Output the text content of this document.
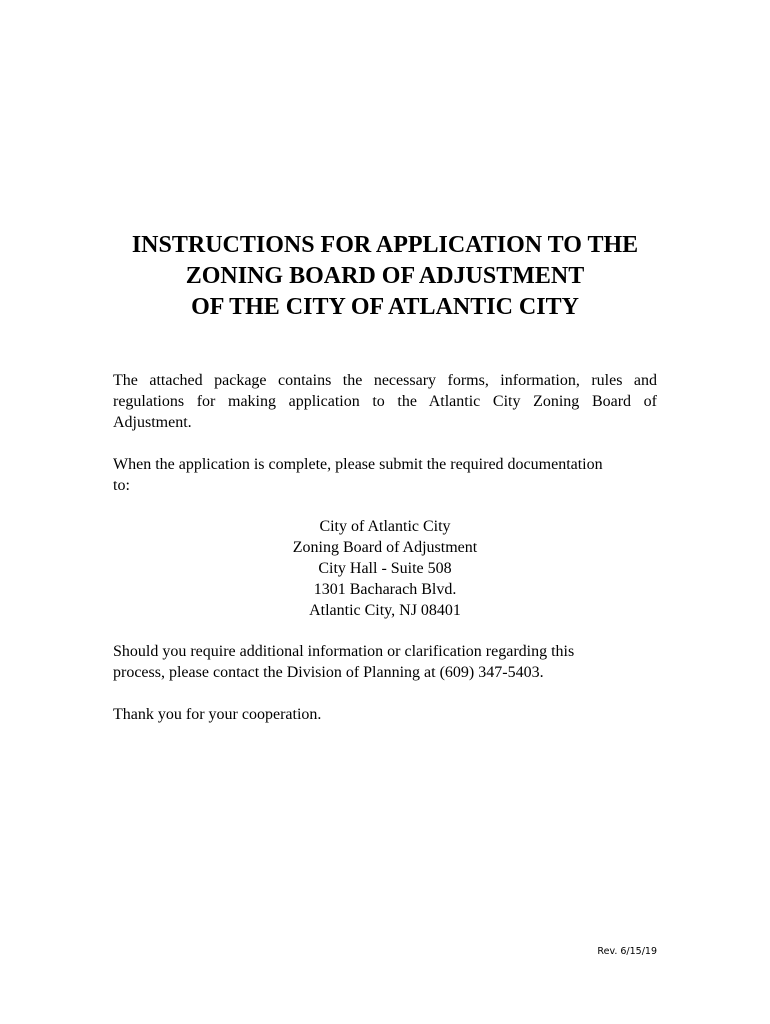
INSTRUCTIONS FOR APPLICATION TO THE
ZONING BOARD OF ADJUSTMENT
OF THE CITY OF ATLANTIC CITY

The attached package contains the necessary forms, information, rules and
regulations for making application to the Atlantic City Zoning Board of
Adjustment.

When the application is complete, please submit the required documentation
to:

City of Atlantic City
Zoning Board of Adjustment
City Hall - Suite 508
1301 Bacharach Blvd.
Atlantic City, NJ 08401

Should you require additional information or clarification regarding this
process, please contact the Division of Planning at (609) 347-5403.

Thank you for your cooperation.

Rev. 6/15/19
